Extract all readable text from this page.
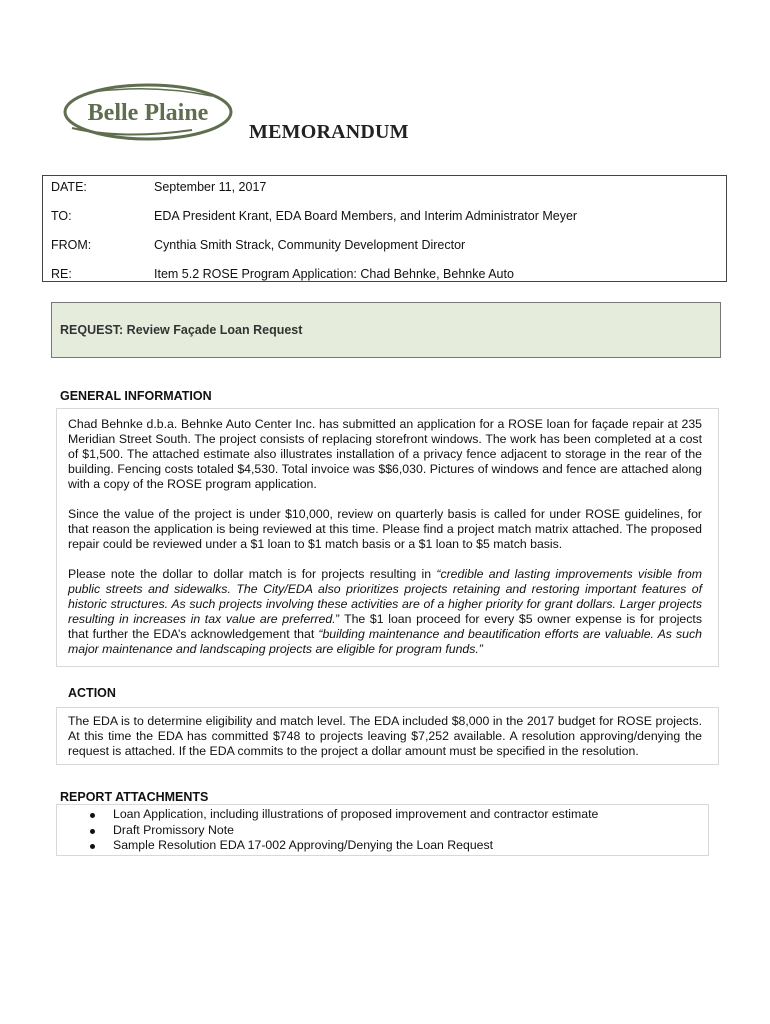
Belle Plaine
MEMORANDUM
DATE:	September 11, 2017
TO:	EDA President Krant, EDA Board Members, and Interim Administrator Meyer
FROM:	Cynthia Smith Strack, Community Development Director
RE:	Item 5.2 ROSE Program Application: Chad Behnke, Behnke Auto
REQUEST: Review Façade Loan Request
GENERAL INFORMATION

Chad Behnke d.b.a. Behnke Auto Center Inc. has submitted an application for a ROSE loan for façade repair at 235 Meridian Street South. The project consists of replacing storefront windows. The work has been completed at a cost of $1,500. The attached estimate also illustrates installation of a privacy fence adjacent to storage in the rear of the building. Fencing costs totaled $4,530. Total invoice was $$6,030. Pictures of windows and fence are attached along with a copy of the ROSE program application.

Since the value of the project is under $10,000, review on quarterly basis is called for under ROSE guidelines, for that reason the application is being reviewed at this time. Please find a project match matrix attached. The proposed repair could be reviewed under a $1 loan to $1 match basis or a $1 loan to $5 match basis.

Please note the dollar to dollar match is for projects resulting in “credible and lasting improvements visible from public streets and sidewalks. The City/EDA also prioritizes projects retaining and restoring important features of historic structures. As such projects involving these activities are of a higher priority for grant dollars. Larger projects resulting in increases in tax value are preferred.” The $1 loan proceed for every $5 owner expense is for projects that further the EDA’s acknowledgement that “building maintenance and beautification efforts are valuable. As such major maintenance and landscaping projects are eligible for program funds.”

ACTION

The EDA is to determine eligibility and match level. The EDA included $8,000 in the 2017 budget for ROSE projects. At this time the EDA has committed $748 to projects leaving $7,252 available. A resolution approving/denying the request is attached. If the EDA commits to the project a dollar amount must be specified in the resolution.

REPORT ATTACHMENTS
Loan Application, including illustrations of proposed improvement and contractor estimate
Draft Promissory Note
Sample Resolution EDA 17-002 Approving/Denying the Loan Request
